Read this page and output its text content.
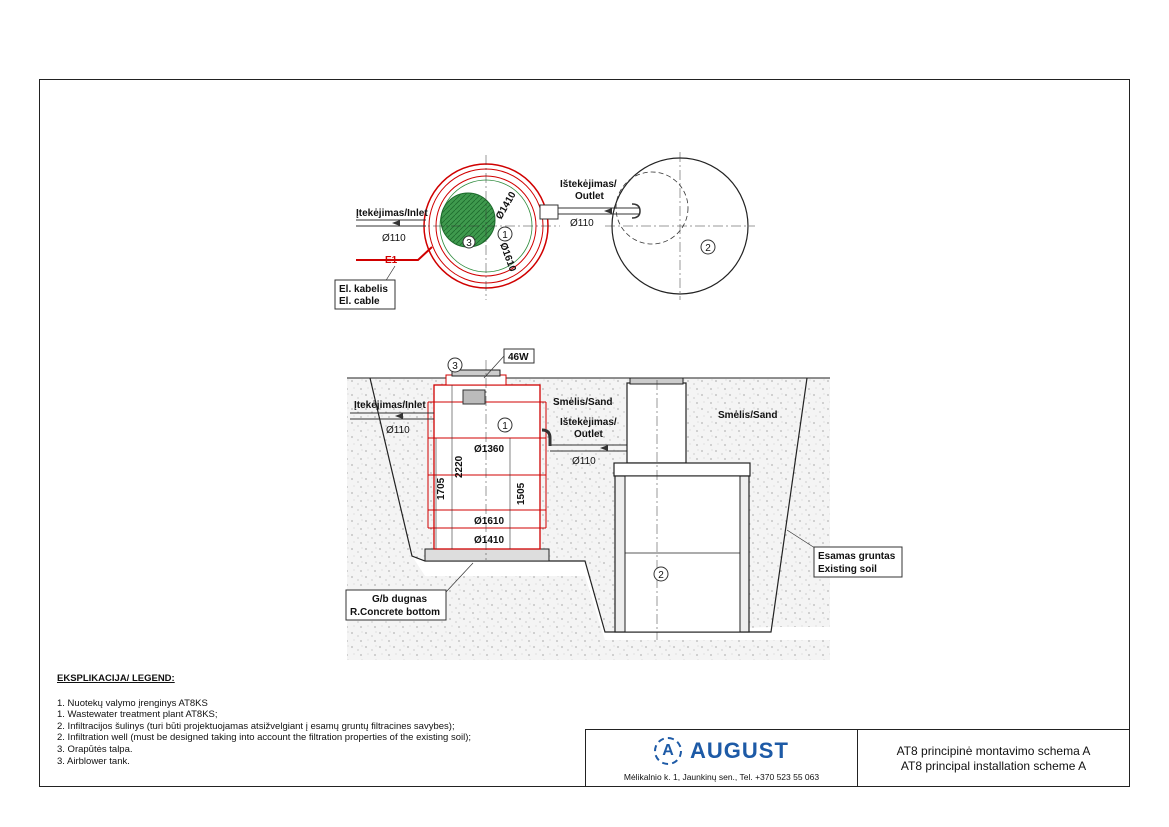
Įtekėjimas/Inlet
Ø110
Ištekėjimas/
Outlet
Ø110
Ø1410
Ø1610
1
3
E1
El. kabelis
El. cable
2
Ø1360
Ø1610
Ø1410
1705
2220
1505
3
46W
Įtekėjimas/Inlet
Ø110	1
Smėlis/Sand
Smėlis/Sand
Ištekėjimas/
Outlet
Ø110
2
Esamas gruntas
Existing soil
G/b dugnas
R.Concrete bottom
EKSPLIKACIJA/ LEGEND:
1. Nuotekų valymo įrenginys AT8KS
1. Wastewater treatment plant AT8KS;
2. Infiltracijos šulinys (turi būti projektuojamas atsižvelgiant į esamų gruntų filtracines savybes);
2. Infiltration well (must be designed taking into account the filtration properties of the existing soil);
3. Orapūtės talpa.
3. Airblower tank.
A AUGUST
Mėlikalnio k. 1, Jaunkinų sen., Tel. +370 523 55 063
AT8 principinė montavimo schema A
AT8 principal installation scheme A
